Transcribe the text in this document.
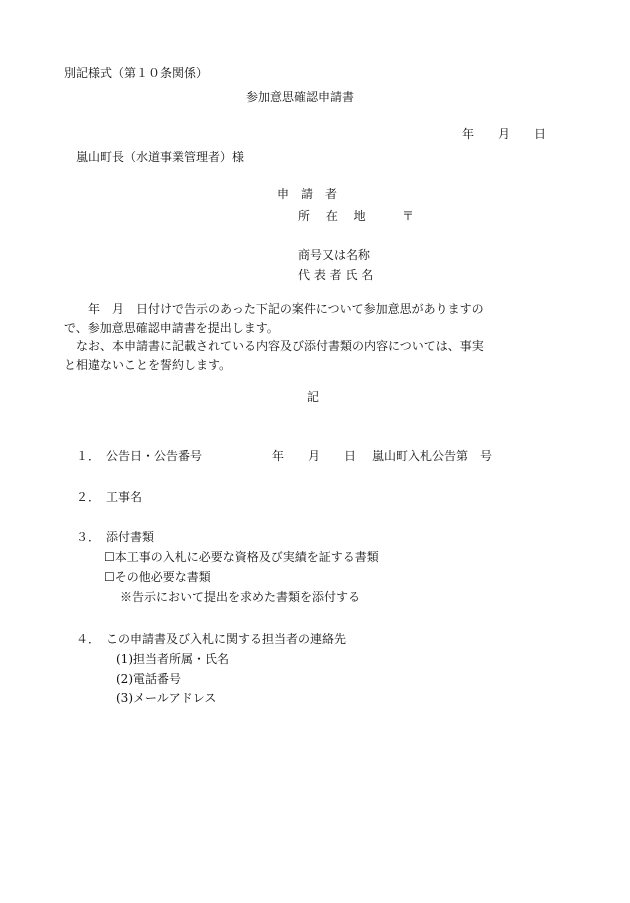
別記様式（第１０条関係）

参加意思確認申請書

年　　月　　日

嵐山町長（水道事業管理者）様

申　請　者

所　 在 　地	〒

商号又は名称

代 表 者 氏 名

年　月　日付けで告示のあった下記の案件について参加意思がありますの

で、参加意思確認申請書を提出します。

なお、本申請書に記載されている内容及び添付書類の内容については、事実

と相違ないことを誓約します。

記

１． 公告日・公告番号	年　　月　　日 嵐山町入札公告第　号

２． 工事名

３． 添付書類

☐本工事の入札に必要な資格及び実績を証する書類

☐その他必要な書類

※告示において提出を求めた書類を添付する

４． この申請書及び入札に関する担当者の連絡先

(1)担当者所属・氏名

(2)電話番号

(3)メールアドレス
